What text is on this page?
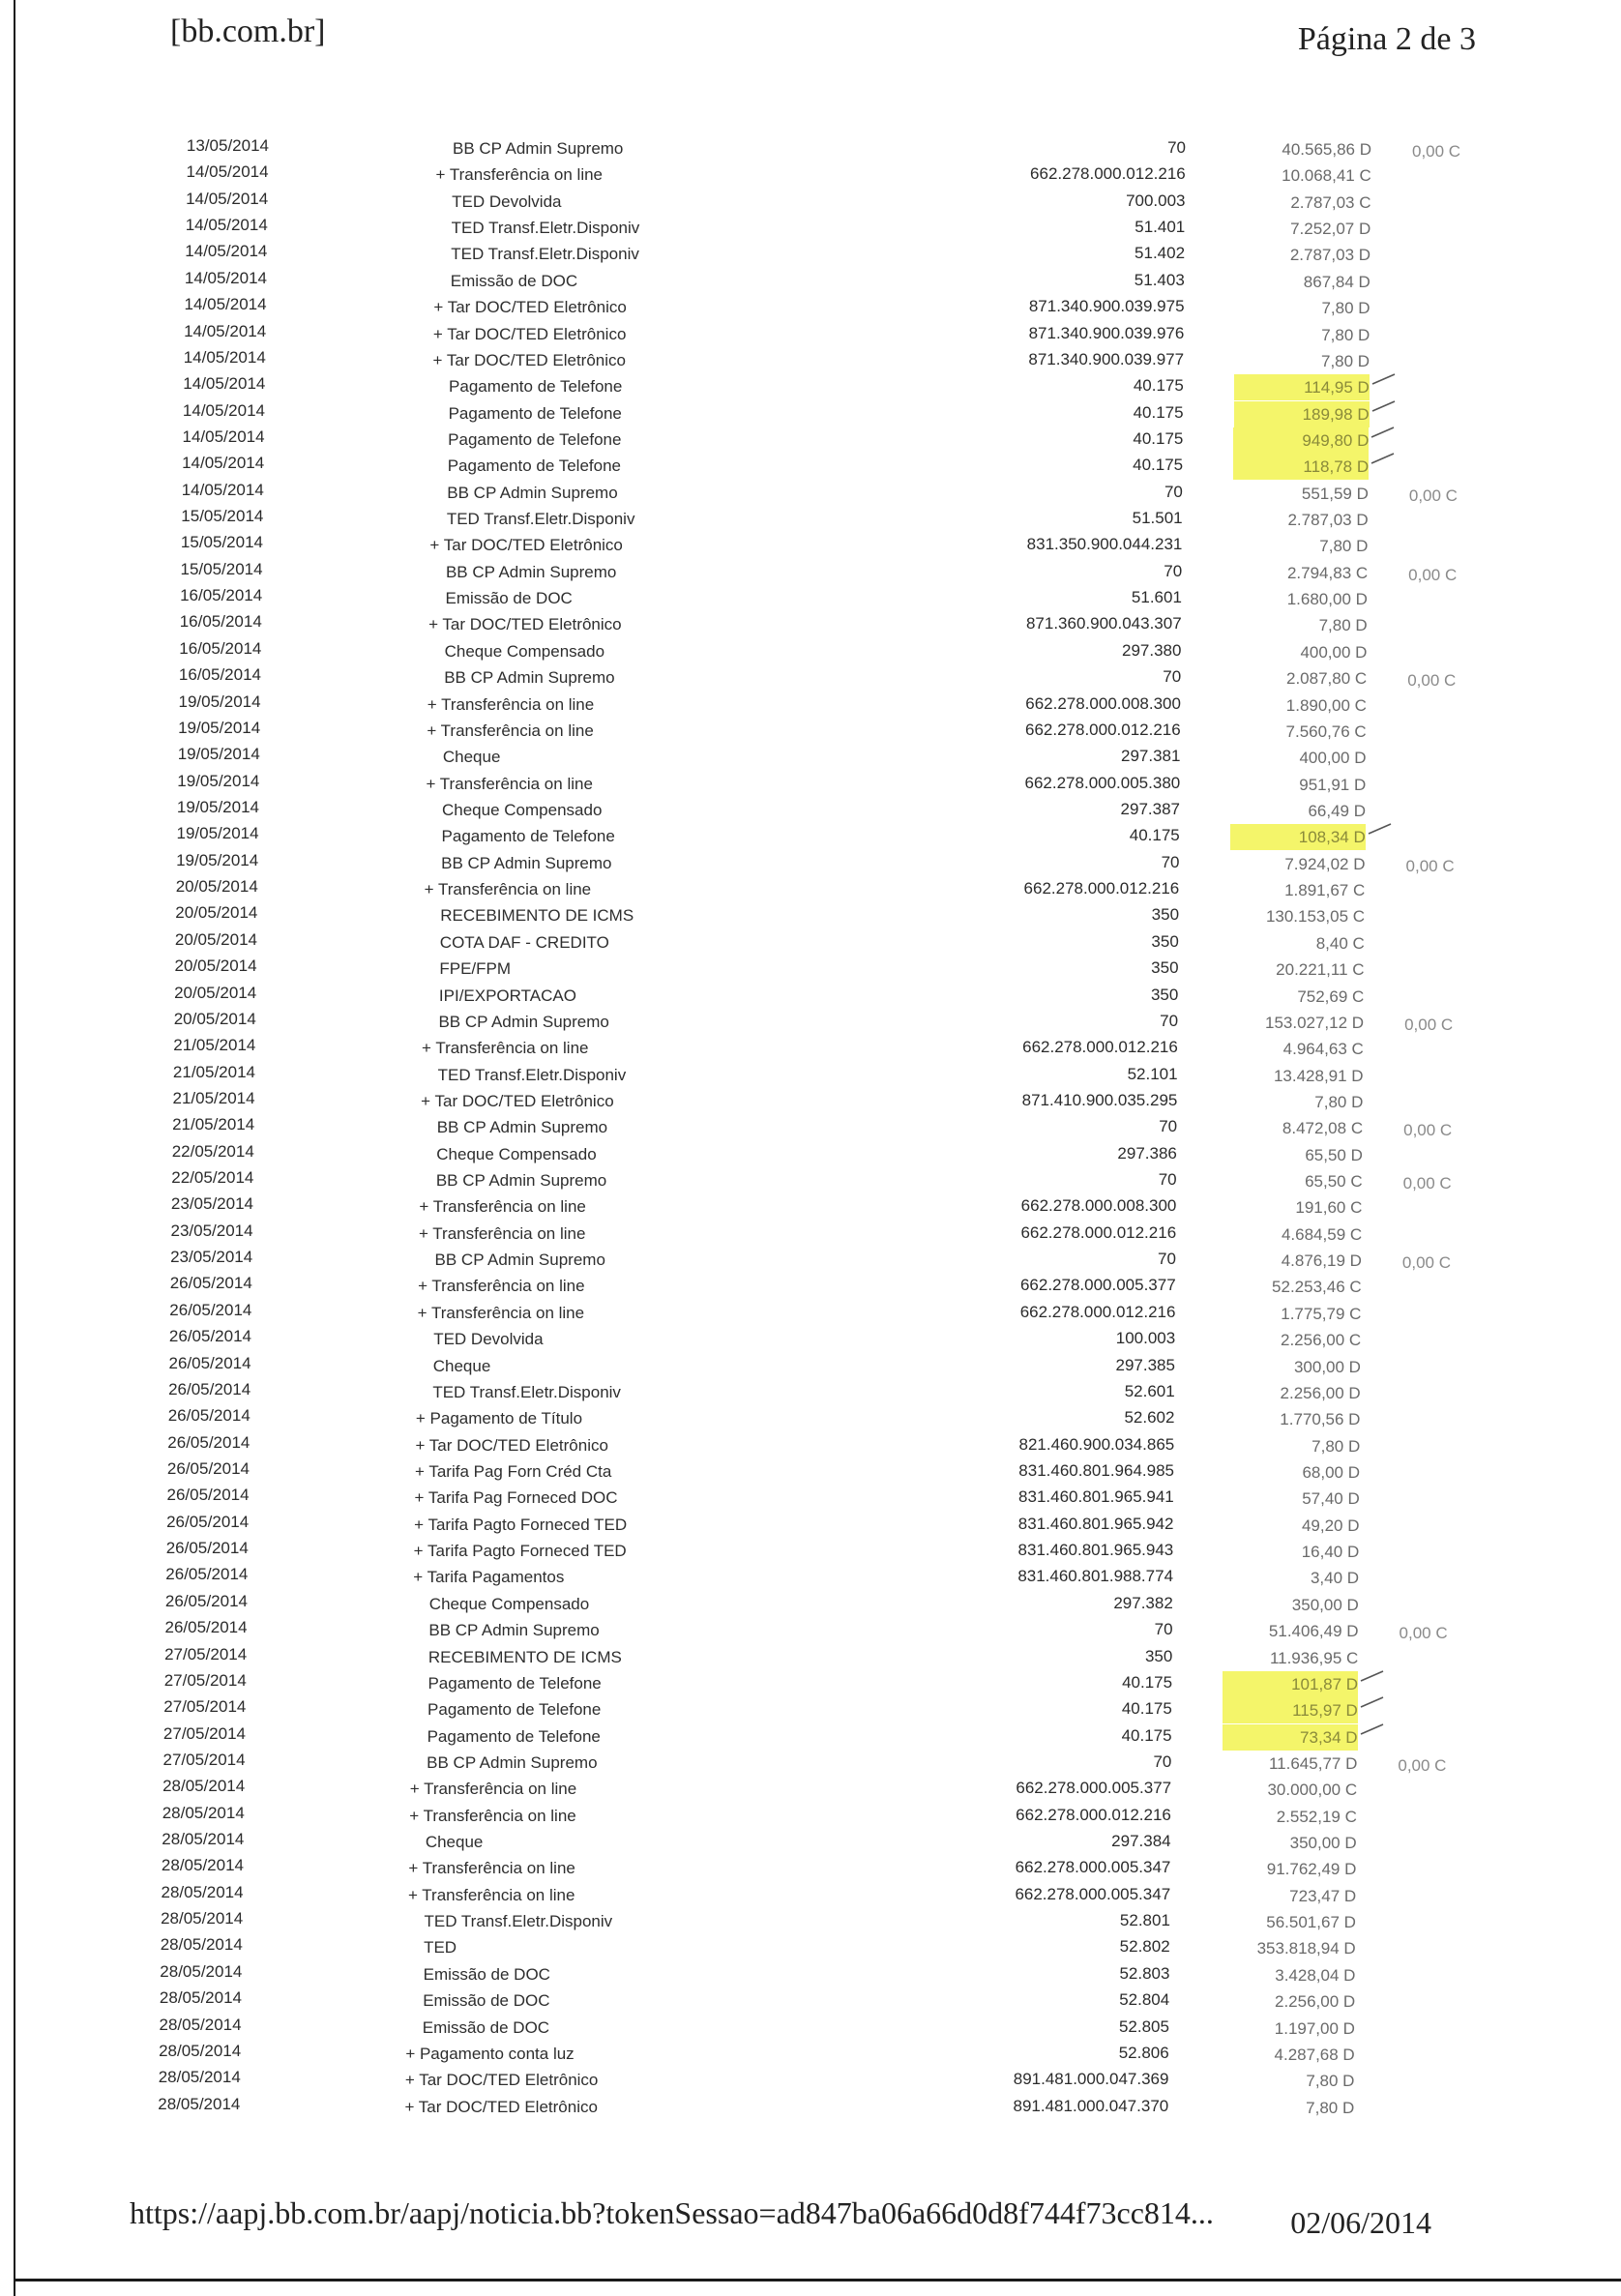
[bb.com.br]	Página 2 de 3
13/05/2014	BB CP Admin Supremo	70	40.565,86 D 0,00 C
14/05/2014	+ Transferência on line	662.278.000.012.216	10.068,41 C
14/05/2014	TED Devolvida	700.003	2.787,03 C
14/05/2014	TED Transf.Eletr.Disponiv	51.401	7.252,07 D
14/05/2014	TED Transf.Eletr.Disponiv	51.402	2.787,03 D
14/05/2014	Emissão de DOC	51.403	867,84 D
14/05/2014	+ Tar DOC/TED Eletrônico	871.340.900.039.975	7,80 D
14/05/2014	+ Tar DOC/TED Eletrônico	871.340.900.039.976	7,80 D
14/05/2014	+ Tar DOC/TED Eletrônico	871.340.900.039.977	7,80 D
14/05/2014	Pagamento de Telefone	40.175	114,95 D
14/05/2014	Pagamento de Telefone	40.175	189,98 D
14/05/2014	Pagamento de Telefone	40.175	949,80 D
14/05/2014	Pagamento de Telefone	40.175	118,78 D
14/05/2014	BB CP Admin Supremo	70	551,59 D 0,00 C
15/05/2014	TED Transf.Eletr.Disponiv	51.501	2.787,03 D
15/05/2014	+ Tar DOC/TED Eletrônico	831.350.900.044.231	7,80 D
15/05/2014	BB CP Admin Supremo	70	2.794,83 C 0,00 C
16/05/2014	Emissão de DOC	51.601	1.680,00 D
16/05/2014	+ Tar DOC/TED Eletrônico	871.360.900.043.307	7,80 D
16/05/2014	Cheque Compensado	297.380	400,00 D
16/05/2014	BB CP Admin Supremo	70	2.087,80 C 0,00 C
19/05/2014	+ Transferência on line	662.278.000.008.300	1.890,00 C
19/05/2014	+ Transferência on line	662.278.000.012.216	7.560,76 C
19/05/2014	Cheque	297.381	400,00 D
19/05/2014	+ Transferência on line	662.278.000.005.380	951,91 D
19/05/2014	Cheque Compensado	297.387	66,49 D
19/05/2014	Pagamento de Telefone	40.175	108,34 D
19/05/2014	BB CP Admin Supremo	70	7.924,02 D 0,00 C
20/05/2014	+ Transferência on line	662.278.000.012.216	1.891,67 C
20/05/2014	RECEBIMENTO DE ICMS	350	130.153,05 C
20/05/2014	COTA DAF - CREDITO	350	8,40 C
20/05/2014	FPE/FPM	350	20.221,11 C
20/05/2014	IPI/EXPORTACAO	350	752,69 C
20/05/2014	BB CP Admin Supremo	70	153.027,12 D 0,00 C
21/05/2014	+ Transferência on line	662.278.000.012.216	4.964,63 C
21/05/2014	TED Transf.Eletr.Disponiv	52.101	13.428,91 D
21/05/2014	+ Tar DOC/TED Eletrônico	871.410.900.035.295	7,80 D
21/05/2014	BB CP Admin Supremo	70	8.472,08 C 0,00 C
22/05/2014	Cheque Compensado	297.386	65,50 D
22/05/2014	BB CP Admin Supremo	70	65,50 C 0,00 C
23/05/2014	+ Transferência on line	662.278.000.008.300	191,60 C
23/05/2014	+ Transferência on line	662.278.000.012.216	4.684,59 C
23/05/2014	BB CP Admin Supremo	70	4.876,19 D 0,00 C
26/05/2014	+ Transferência on line	662.278.000.005.377	52.253,46 C
26/05/2014	+ Transferência on line	662.278.000.012.216	1.775,79 C
26/05/2014	TED Devolvida	100.003	2.256,00 C
26/05/2014	Cheque	297.385	300,00 D
26/05/2014	TED Transf.Eletr.Disponiv	52.601	2.256,00 D
26/05/2014	+ Pagamento de Título	52.602	1.770,56 D
26/05/2014	+ Tar DOC/TED Eletrônico	821.460.900.034.865	7,80 D
26/05/2014	+ Tarifa Pag Forn Créd Cta	831.460.801.964.985	68,00 D
26/05/2014	+ Tarifa Pag Forneced DOC	831.460.801.965.941	57,40 D
26/05/2014	+ Tarifa Pagto Forneced TED	831.460.801.965.942	49,20 D
26/05/2014	+ Tarifa Pagto Forneced TED	831.460.801.965.943	16,40 D
26/05/2014	+ Tarifa Pagamentos	831.460.801.988.774	3,40 D
26/05/2014	Cheque Compensado	297.382	350,00 D
26/05/2014	BB CP Admin Supremo	70	51.406,49 D 0,00 C
27/05/2014	RECEBIMENTO DE ICMS	350	11.936,95 C
27/05/2014	Pagamento de Telefone	40.175	101,87 D
27/05/2014	Pagamento de Telefone	40.175	115,97 D
27/05/2014	Pagamento de Telefone	40.175	73,34 D
27/05/2014	BB CP Admin Supremo	70	11.645,77 D 0,00 C
28/05/2014	+ Transferência on line	662.278.000.005.377	30.000,00 C
28/05/2014	+ Transferência on line	662.278.000.012.216	2.552,19 C
28/05/2014	Cheque	297.384	350,00 D
28/05/2014	+ Transferência on line	662.278.000.005.347	91.762,49 D
28/05/2014	+ Transferência on line	662.278.000.005.347	723,47 D
28/05/2014	TED Transf.Eletr.Disponiv	52.801	56.501,67 D
28/05/2014	TED	52.802	353.818,94 D
28/05/2014	Emissão de DOC	52.803	3.428,04 D
28/05/2014	Emissão de DOC	52.804	2.256,00 D
28/05/2014	Emissão de DOC	52.805	1.197,00 D
28/05/2014	+ Pagamento conta luz	52.806	4.287,68 D
28/05/2014	+ Tar DOC/TED Eletrônico	891.481.000.047.369	7,80 D
28/05/2014	+ Tar DOC/TED Eletrônico	891.481.000.047.370	7,80 D
https://aapj.bb.com.br/aapj/noticia.bb?tokenSessao=ad847ba06a66d0d8f744f73cc814... 02/06/2014
